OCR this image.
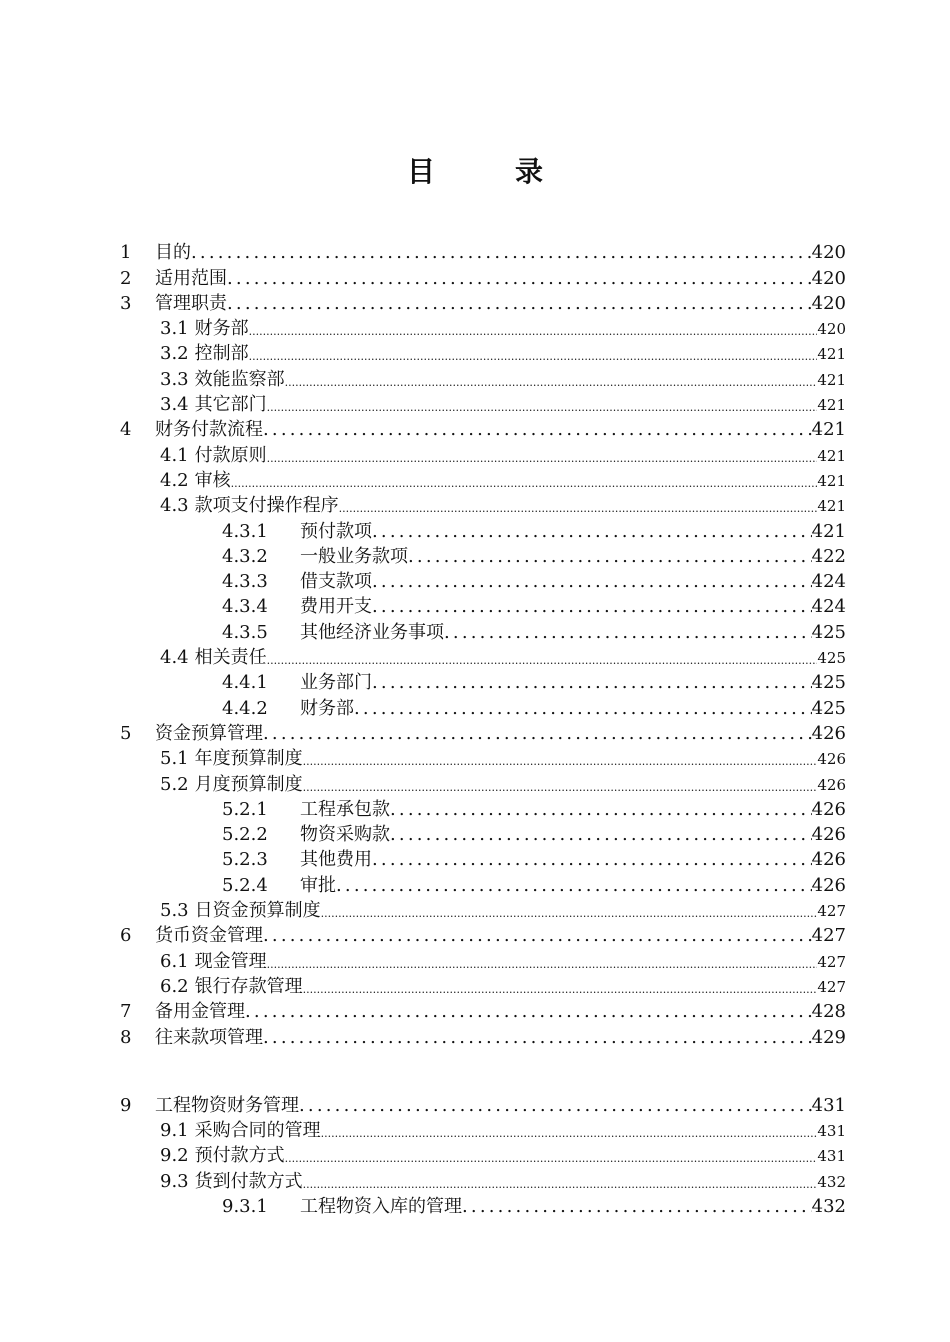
目　录
1	目的 .....	420
2	适用范围 .....	420
3	管理职责 .....	420
3.1 财务部 .....	420
3.2 控制部 .....	421
3.3 效能监察部 .....	421
3.4 其它部门 .....	421
4	财务付款流程 .....	421
4.1 付款原则 .....	421
4.2 审核 .....	421
4.3 款项支付操作程序 .....	421
4.3.1	预付款项 .....	421
4.3.2	一般业务款项 .....	422
4.3.3	借支款项 .....	424
4.3.4	费用开支 .....	424
4.3.5	其他经济业务事项 .....	425
4.4 相关责任 .....	425
4.4.1	业务部门 .....	425
4.4.2	财务部 .....	425
5	资金预算管理 .....	426
5.1 年度预算制度 .....	426
5.2 月度预算制度 .....	426
5.2.1	工程承包款 .....	426
5.2.2	物资采购款 .....	426
5.2.3	其他费用 .....	426
5.2.4	审批 .....	426
5.3 日资金预算制度 .....	427
6	货币资金管理 .....	427
6.1 现金管理 .....	427
6.2 银行存款管理 .....	427
7	备用金管理 .....	428
8	往来款项管理 .....	429
9	工程物资财务管理 .....	431
9.1 采购合同的管理 .....	431
9.2 预付款方式 .....	431
9.3 货到付款方式 .....	432
9.3.1	工程物资入库的管理 .....	432
